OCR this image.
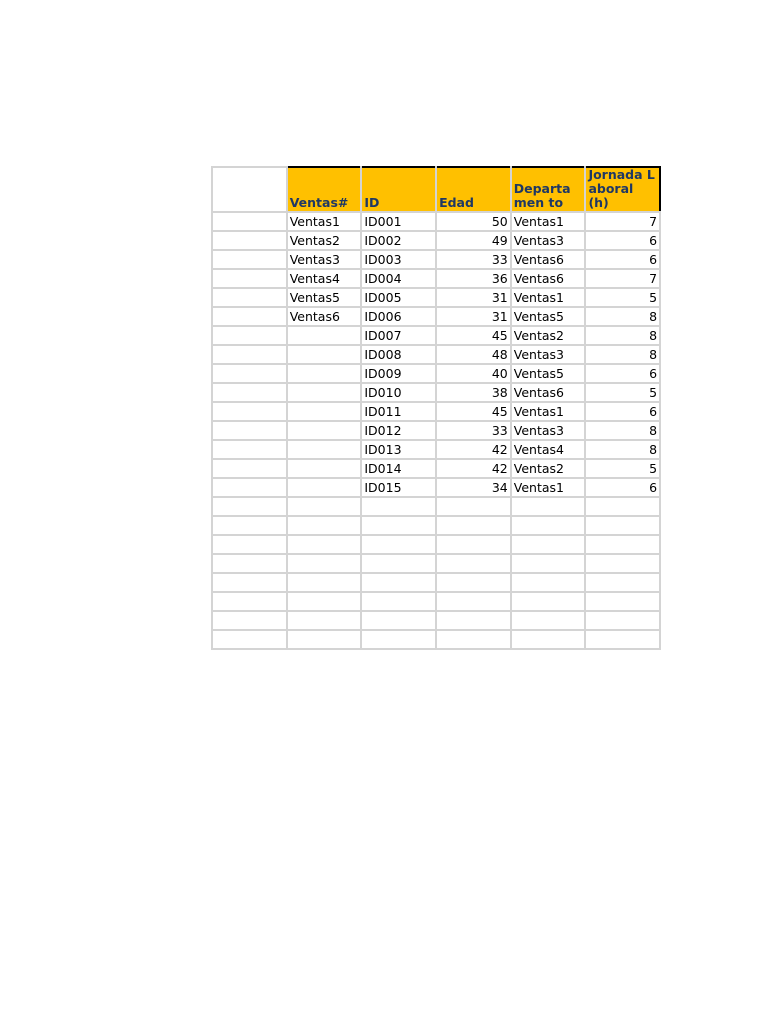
	Ventas#	ID	Edad	Departamen to	Jornada Laboral (h)
	Ventas1	ID001	50	Ventas1	7
	Ventas2	ID002	49	Ventas3	6
	Ventas3	ID003	33	Ventas6	6
	Ventas4	ID004	36	Ventas6	7
	Ventas5	ID005	31	Ventas1	5
	Ventas6	ID006	31	Ventas5	8
		ID007	45	Ventas2	8
		ID008	48	Ventas3	8
		ID009	40	Ventas5	6
		ID010	38	Ventas6	5
		ID011	45	Ventas1	6
		ID012	33	Ventas3	8
		ID013	42	Ventas4	8
		ID014	42	Ventas2	5
		ID015	34	Ventas1	6
